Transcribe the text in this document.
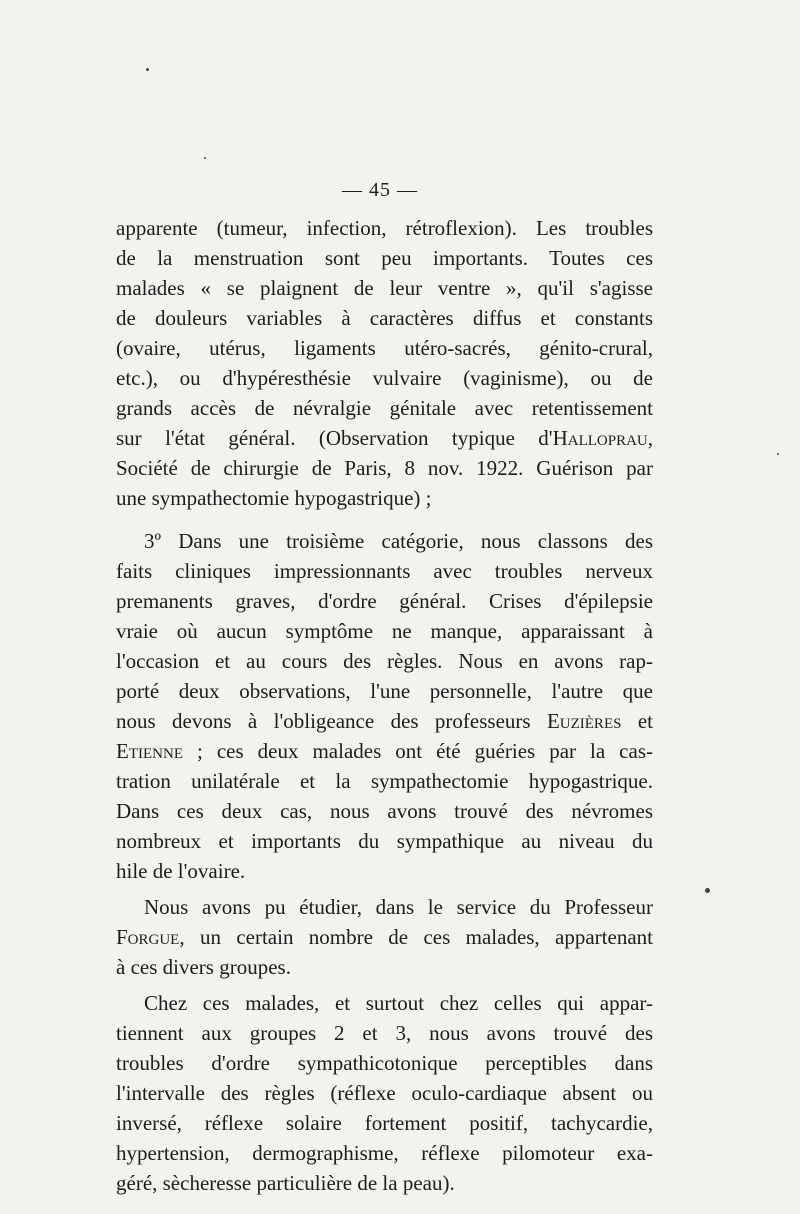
— 45 —
apparente (tumeur, infection, rétroflexion). Les troubles
de la menstruation sont peu importants. Toutes ces
malades « se plaignent de leur ventre », qu'il s'agisse
de douleurs variables à caractères diffus et constants
(ovaire, utérus, ligaments utéro-sacrés, génito-crural,
etc.), ou d'hypéresthésie vulvaire (vaginisme), ou de
grands accès de névralgie génitale avec retentissement
sur l'état général. (Observation typique d'Halloprau,
Société de chirurgie de Paris, 8 nov. 1922. Guérison par
une sympathectomie hypogastrique) ;
3º Dans une troisième catégorie, nous classons des
faits cliniques impressionnants avec troubles nerveux
premanents graves, d'ordre général. Crises d'épilepsie
vraie où aucun symptôme ne manque, apparaissant à
l'occasion et au cours des règles. Nous en avons rap-
porté deux observations, l'une personnelle, l'autre que
nous devons à l'obligeance des professeurs Euzières et
Etienne ; ces deux malades ont été guéries par la cas-
tration unilatérale et la sympathectomie hypogastrique.
Dans ces deux cas, nous avons trouvé des névromes
nombreux et importants du sympathique au niveau du
hile de l'ovaire.
Nous avons pu étudier, dans le service du Professeur
Forgue, un certain nombre de ces malades, appartenant
à ces divers groupes.
Chez ces malades, et surtout chez celles qui appar-
tiennent aux groupes 2 et 3, nous avons trouvé des
troubles d'ordre sympathicotonique perceptibles dans
l'intervalle des règles (réflexe oculo-cardiaque absent ou
inversé, réflexe solaire fortement positif, tachycardie,
hypertension, dermographisme, réflexe pilomoteur exa-
géré, sècheresse particulière de la peau).
